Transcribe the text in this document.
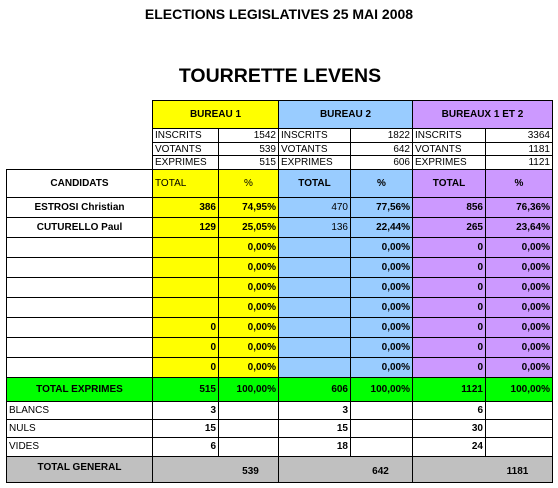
ELECTIONS LEGISLATIVES 25 MAI 2008
TOURRETTE LEVENS
	BUREAU 1		BUREAU 2		BUREAUX 1 ET 2	
	INSCRITS	1542	INSCRITS	1822	INSCRITS	3364
	VOTANTS	539	VOTANTS	642	VOTANTS	1181
	EXPRIMES	515	EXPRIMES	606	EXPRIMES	1121
CANDIDATS	TOTAL	%	TOTAL	%	TOTAL	%
ESTROSI Christian	386	74,95%	470	77,56%	856	76,36%
CUTURELLO Paul	129	25,05%	136	22,44%	265	23,64%
		0,00%		0,00%	0	0,00%
		0,00%		0,00%	0	0,00%
		0,00%		0,00%	0	0,00%
		0,00%		0,00%	0	0,00%
	0	0,00%		0,00%	0	0,00%
	0	0,00%		0,00%	0	0,00%
	0	0,00%		0,00%	0	0,00%
TOTAL EXPRIMES	515	100,00%	606	100,00%	1121	100,00%
BLANCS	3		3		6	
NULS	15		15		30	
VIDES	6		18		24	
TOTAL GENERAL	539		642		1181	
